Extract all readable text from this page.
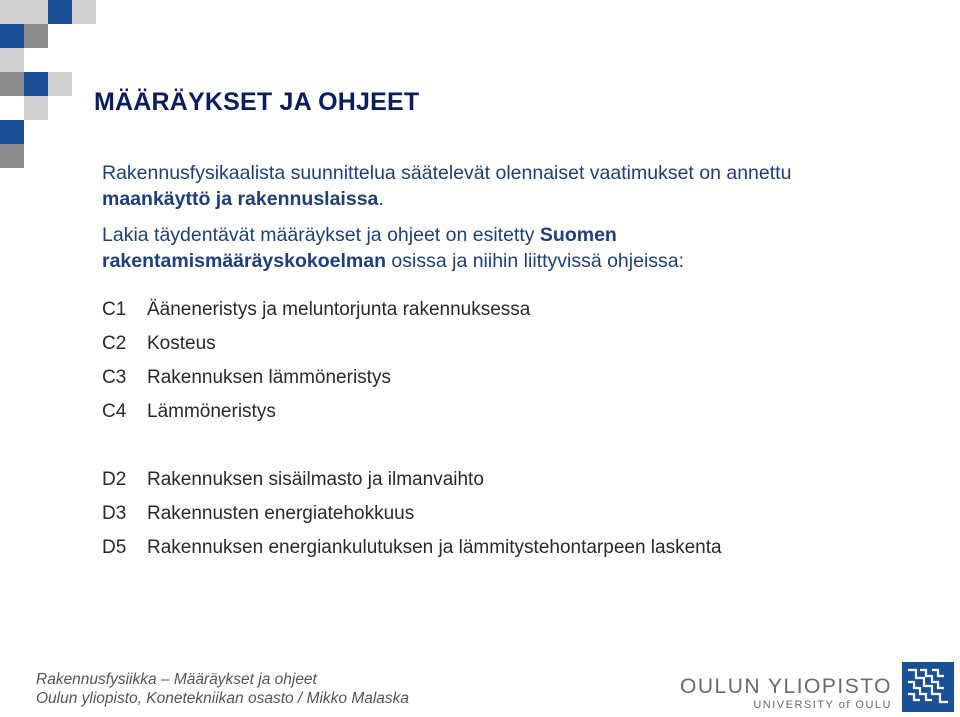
MÄÄRÄYKSET JA OHJEET

Rakennusfysikaalista suunnittelua säätelevät olennaiset vaatimukset on annettu maankäyttö ja rakennuslaissa.

Lakia täydentävät määräykset ja ohjeet on esitetty Suomen rakentamismääräyskokoelman osissa ja niihin liittyvissä ohjeissa:

C1 Ääneneristys ja meluntorjunta rakennuksessa
C2 Kosteus
C3 Rakennuksen lämmöneristys
C4 Lämmöneristys
D2 Rakennuksen sisäilmasto ja ilmanvaihto
D3 Rakennusten energiatehokkuus
D5 Rakennuksen energiankulutuksen ja lämmitystehontarpeen laskenta
Rakennusfysiikka – Määräykset ja ohjeet
Oulun yliopisto, Konetekniikan osasto / Mikko Malaska
OULUN YLIOPISTO
UNIVERSITY of OULU
